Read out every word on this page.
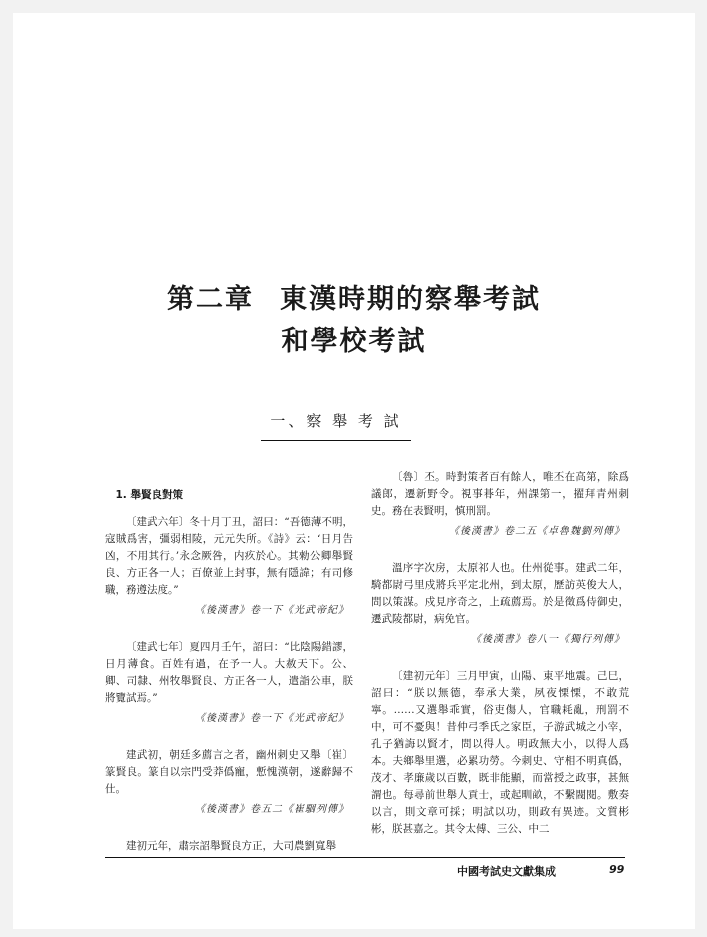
第二章 東漢時期的察舉考試
和學校考試
一、察 舉 考 試
1. 舉賢良對策

〔建武六年〕冬十月丁丑，詔曰：“吾德薄不明，寇賊爲害，彊弱相陵，元元失所。《詩》云：‘日月告凶，不用其行。’永念厥咎，内疚於心。其勑公卿舉賢良、方正各一人；百僚並上封事，無有隱諱；有司修職，務遵法度。”

《後漢書》卷一下《光武帝紀》

〔建武七年〕夏四月壬午，詔曰：“比陰陽錯謬，日月薄食。百姓有過，在予一人。大赦天下。公、卿、司隸、州牧舉賢良、方正各一人，遣詣公車，朕將覽試焉。”

《後漢書》卷一下《光武帝紀》

建武初，朝廷多薦言之者，幽州刺史又舉〔崔〕篆賢良。篆自以宗門受莽僞寵，慙愧漢朝，遂辭歸不仕。

《後漢書》卷五二《崔駰列傳》

建初元年，肅宗詔舉賢良方正，大司農劉寬舉

〔魯〕丕。時對策者百有餘人，唯丕在高第，除爲議郎，遷新野令。視事朞年，州課第一，擢拜青州刺史。務在表賢明，慎刑罰。

《後漢書》卷二五《卓魯魏劉列傳》

溫序字次房，太原祁人也。仕州從事。建武二年，騎都尉弓里戍將兵平定北州，到太原，歷訪英俊大人，問以策謀。戍見序奇之，上疏薦焉。於是徵爲侍御史，遷武陵都尉，病免官。

《後漢書》卷八一《獨行列傳》

〔建初元年〕三月甲寅，山陽、東平地震。己巳，詔曰：“朕以無德，奉承大業，夙夜慄慄，不敢荒寧。……又選舉乖實，俗吏傷人，官職耗亂，刑罰不中，可不憂與！昔仲弓季氏之家臣，子游武城之小宰，孔子猶誨以賢才，問以得人。明政無大小，以得人爲本。夫鄉舉里選，必累功勞。今刺史、守相不明真僞，茂才、孝廉歲以百數，既非能顯，而當授之政事，甚無謂也。每尋前世舉人貢士，或起甽畝，不繫閥閱。敷奏以言，則文章可採；明試以功，則政有異迹。文質彬彬，朕甚嘉之。其令太傅、三公、中二

中國考試史文獻集成	99
